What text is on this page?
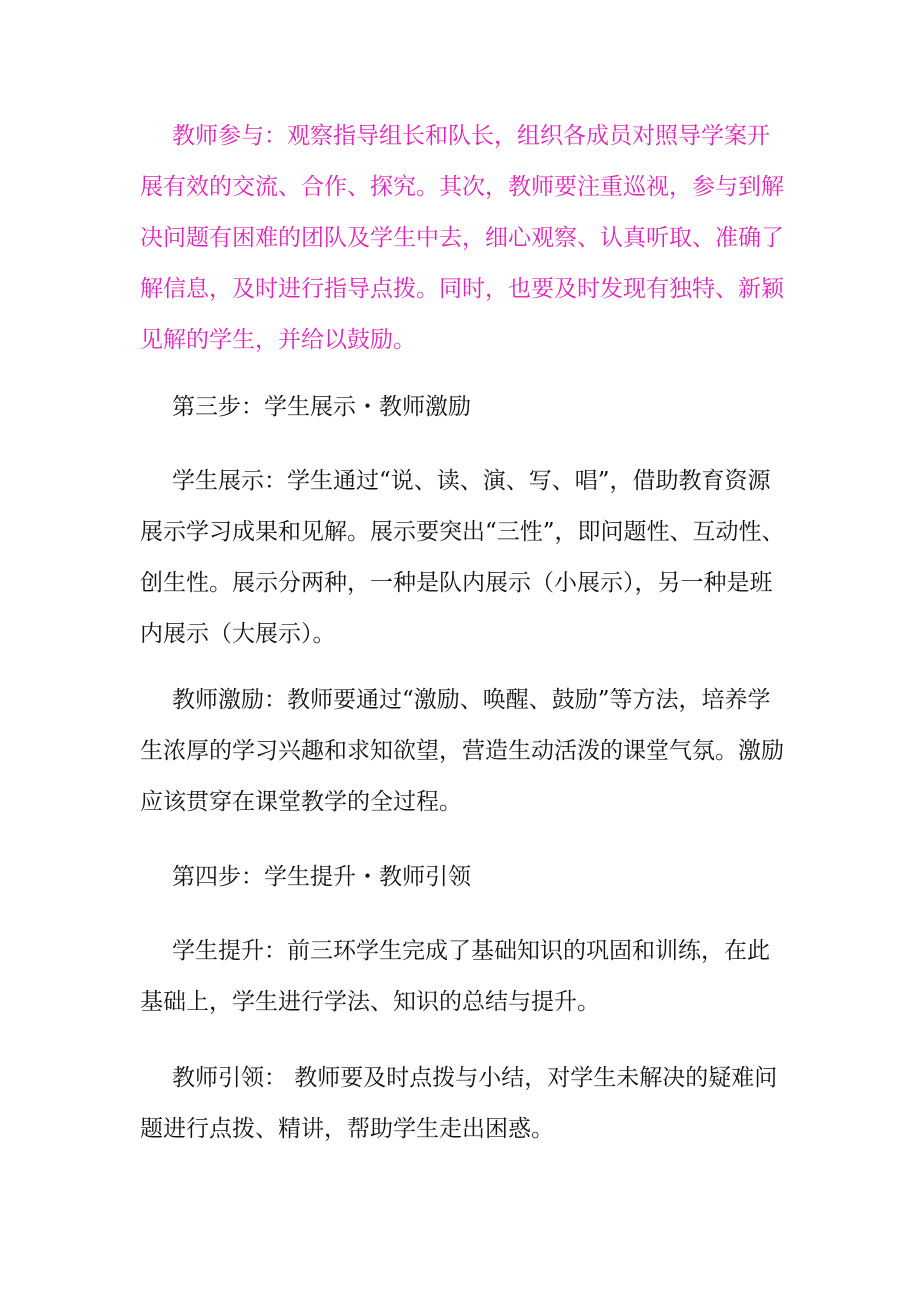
教师参与：观察指导组长和队长，组织各成员对照导学案开展有效的交流、合作、探究。其次，教师要注重巡视，参与到解决问题有困难的团队及学生中去，细心观察、认真听取、准确了解信息，及时进行指导点拨。同时，也要及时发现有独特、新颖见解的学生，并给以鼓励。

第三步：学生展示・教师激励

学生展示：学生通过“说、读、演、写、唱”，借助教育资源展示学习成果和见解。展示要突出“三性”，即问题性、互动性、创生性。展示分两种，一种是队内展示（小展示），另一种是班内展示（大展示）。

教师激励：教师要通过“激励、唤醒、鼓励”等方法，培养学生浓厚的学习兴趣和求知欲望，营造生动活泼的课堂气氛。激励应该贯穿在课堂教学的全过程。

第四步：学生提升・教师引领

学生提升：前三环学生完成了基础知识的巩固和训练，在此基础上，学生进行学法、知识的总结与提升。

教师引领： 教师要及时点拨与小结，对学生未解决的疑难问题进行点拨、精讲，帮助学生走出困惑。
